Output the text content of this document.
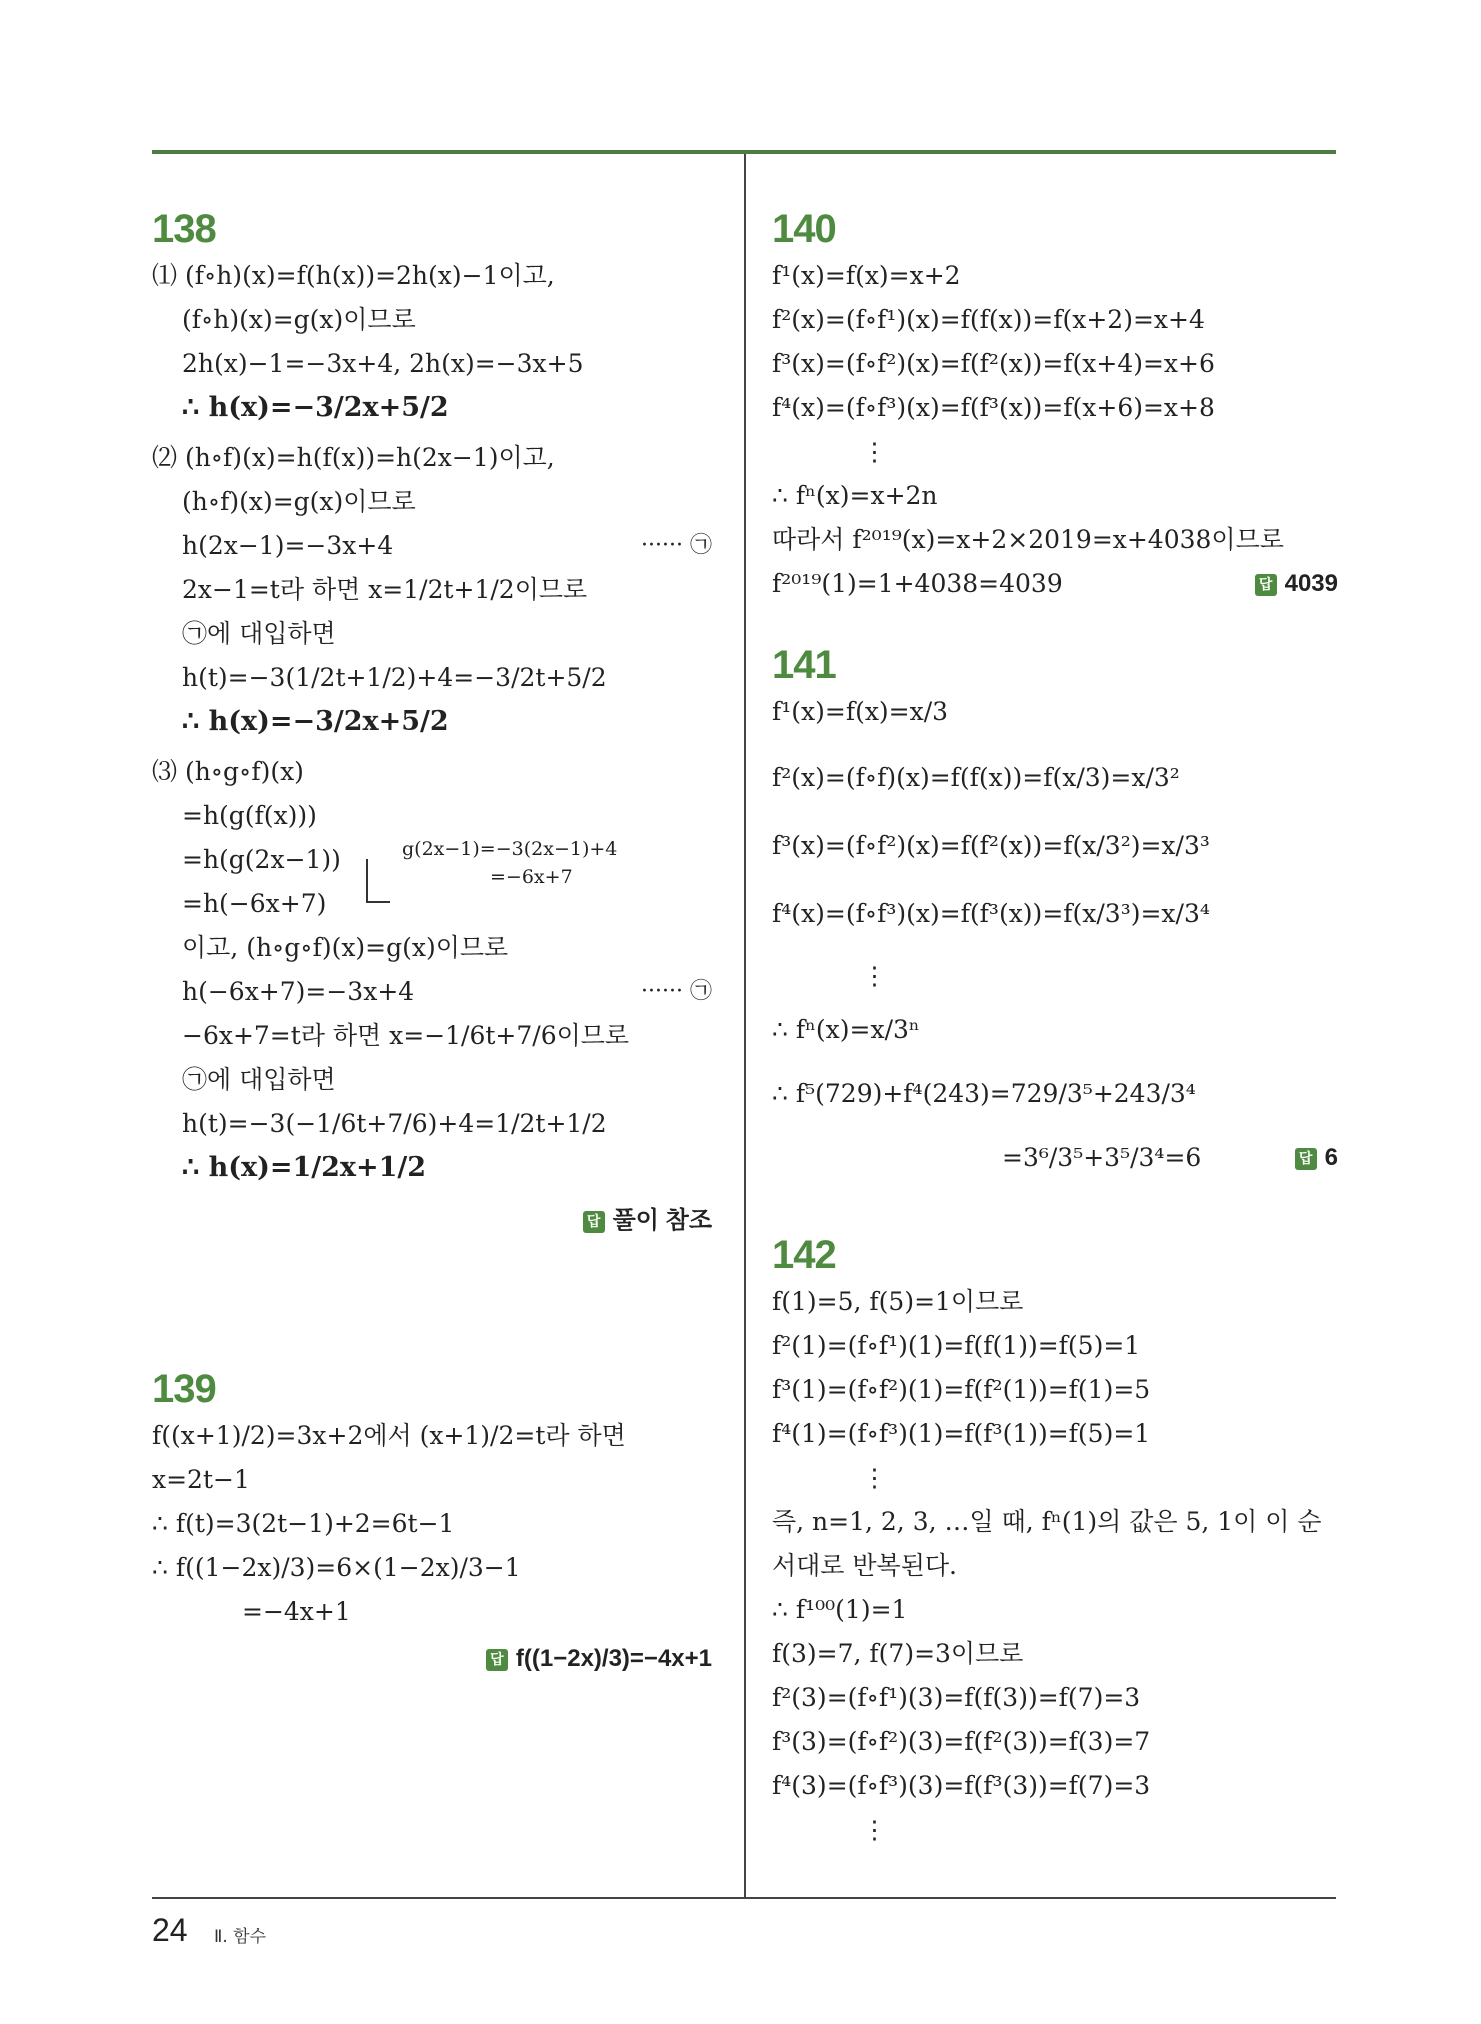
138
⑴ (f∘h)(x)=f(h(x))=2h(x)−1이고,
(f∘h)(x)=g(x)이므로
2h(x)−1=−3x+4, 2h(x)=−3x+5
∴ h(x)=−3/2x+5/2
⑵ (h∘f)(x)=h(f(x))=h(2x−1)이고,
(h∘f)(x)=g(x)이므로
h(2x−1)=−3x+4	······ ㉠
2x−1=t라 하면 x=1/2t+1/2이므로
㉠에 대입하면
h(t)=−3(1/2t+1/2)+4=−3/2t+5/2
∴ h(x)=−3/2x+5/2
⑶ (h∘g∘f)(x)
=h(g(f(x)))
=h(g(2x−1))	g(2x−1)=−3(2x−1)+4
=−6x+7
=h(−6x+7)
이고, (h∘g∘f)(x)=g(x)이므로
h(−6x+7)=−3x+4	······ ㉠
−6x+7=t라 하면 x=−1/6t+7/6이므로
㉠에 대입하면
h(t)=−3(−1/6t+7/6)+4=1/2t+1/2
∴ h(x)=1/2x+1/2
답 풀이 참조
139
f((x+1)/2)=3x+2에서 (x+1)/2=t라 하면
x=2t−1
∴ f(t)=3(2t−1)+2=6t−1
∴ f((1−2x)/3)=6×(1−2x)/3−1
=−4x+1
답 f((1−2x)/3)=−4x+1
140
f¹(x)=f(x)=x+2
f²(x)=(f∘f¹)(x)=f(f(x))=f(x+2)=x+4
f³(x)=(f∘f²)(x)=f(f²(x))=f(x+4)=x+6
f⁴(x)=(f∘f³)(x)=f(f³(x))=f(x+6)=x+8
⋮
∴ fⁿ(x)=x+2n
따라서 f²⁰¹⁹(x)=x+2×2019=x+4038이므로
f²⁰¹⁹(1)=1+4038=4039	답 4039
141
f¹(x)=f(x)=x/3
f²(x)=(f∘f)(x)=f(f(x))=f(x/3)=x/3²
f³(x)=(f∘f²)(x)=f(f²(x))=f(x/3²)=x/3³
f⁴(x)=(f∘f³)(x)=f(f³(x))=f(x/3³)=x/3⁴
⋮
∴ fⁿ(x)=x/3ⁿ
∴ f⁵(729)+f⁴(243)=729/3⁵+243/3⁴
=3⁶/3⁵+3⁵/3⁴=6	답 6
142
f(1)=5, f(5)=1이므로
f²(1)=(f∘f¹)(1)=f(f(1))=f(5)=1
f³(1)=(f∘f²)(1)=f(f²(1))=f(1)=5
f⁴(1)=(f∘f³)(1)=f(f³(1))=f(5)=1
⋮
즉, n=1, 2, 3, …일 때, fⁿ(1)의 값은 5, 1이 이 순
서대로 반복된다.
∴ f¹⁰⁰(1)=1
f(3)=7, f(7)=3이므로
f²(3)=(f∘f¹)(3)=f(f(3))=f(7)=3
f³(3)=(f∘f²)(3)=f(f²(3))=f(3)=7
f⁴(3)=(f∘f³)(3)=f(f³(3))=f(7)=3
⋮
24 Ⅱ. 함수
